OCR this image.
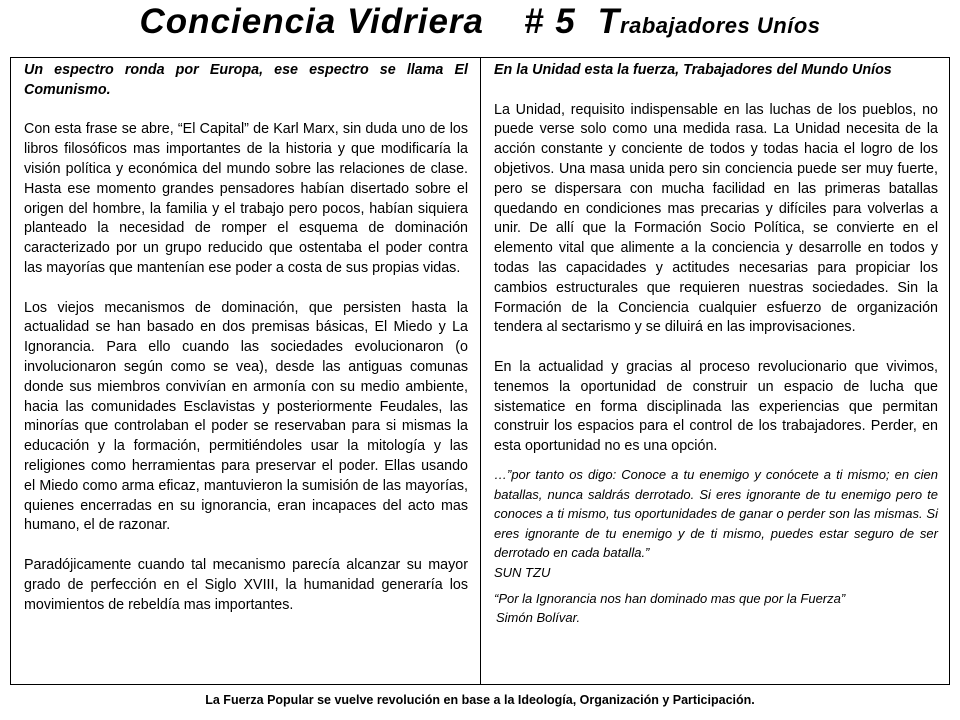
Conciencia Vidriera # 5 Trabajadores Uníos

Un espectro ronda por Europa, ese espectro se llama El Comunismo.

Con esta frase se abre, “El Capital” de Karl Marx, sin duda uno de los libros filosóficos mas importantes de la historia y que modificaría la visión política y económica del mundo sobre las relaciones de clase. Hasta ese momento grandes pensadores habían disertado sobre el origen del hombre, la familia y el trabajo pero pocos, habían siquiera planteado la necesidad de romper el esquema de dominación caracterizado por un grupo reducido que ostentaba el poder contra las mayorías que mantenían ese poder a costa de sus propias vidas.

Los viejos mecanismos de dominación, que persisten hasta la actualidad se han basado en dos premisas básicas, El Miedo y La Ignorancia. Para ello cuando las sociedades evolucionaron (o involucionaron según como se vea), desde las antiguas comunas donde sus miembros convivían en armonía con su medio ambiente, hacia las comunidades Esclavistas y posteriormente Feudales, las minorías que controlaban el poder se reservaban para si mismas la educación y la formación, permitiéndoles usar la mitología y las religiones como herramientas para preservar el poder. Ellas usando el Miedo como arma eficaz, mantuvieron la sumisión de las mayorías, quienes encerradas en su ignorancia, eran incapaces del acto mas humano, el de razonar.

Paradójicamente cuando tal mecanismo parecía alcanzar su mayor grado de perfección en el Siglo XVIII, la humanidad generaría los movimientos de rebeldía mas importantes.

En la Unidad esta la fuerza, Trabajadores del Mundo Uníos

La Unidad, requisito indispensable en las luchas de los pueblos, no puede verse solo como una medida rasa. La Unidad necesita de la acción constante y conciente de todos y todas hacia el logro de los objetivos. Una masa unida pero sin conciencia puede ser muy fuerte, pero se dispersara con mucha facilidad en las primeras batallas quedando en condiciones mas precarias y difíciles para volverlas a unir. De allí que la Formación Socio Política, se convierte en el elemento vital que alimente a la conciencia y desarrolle en todos y todas las capacidades y actitudes necesarias para propiciar los cambios estructurales que requieren nuestras sociedades. Sin la Formación de la Conciencia cualquier esfuerzo de organización tendera al sectarismo y se diluirá en las improvisaciones.

En la actualidad y gracias al proceso revolucionario que vivimos, tenemos la oportunidad de construir un espacio de lucha que sistematice en forma disciplinada las experiencias que permitan construir los espacios para el control de los trabajadores. Perder, en esta oportunidad no es una opción.

…”por tanto os digo: Conoce a tu enemigo y conócete a ti mismo; en cien batallas, nunca saldrás derrotado. Si eres ignorante de tu enemigo pero te conoces a ti mismo, tus oportunidades de ganar o perder son las mismas. Si eres ignorante de tu enemigo y de ti mismo, puedes estar seguro de ser derrotado en cada batalla.”

SUN TZU

“Por la Ignorancia nos han dominado mas que por la Fuerza”

Simón Bolívar.

La Fuerza Popular se vuelve revolución en base a la Ideología, Organización y Participación.
